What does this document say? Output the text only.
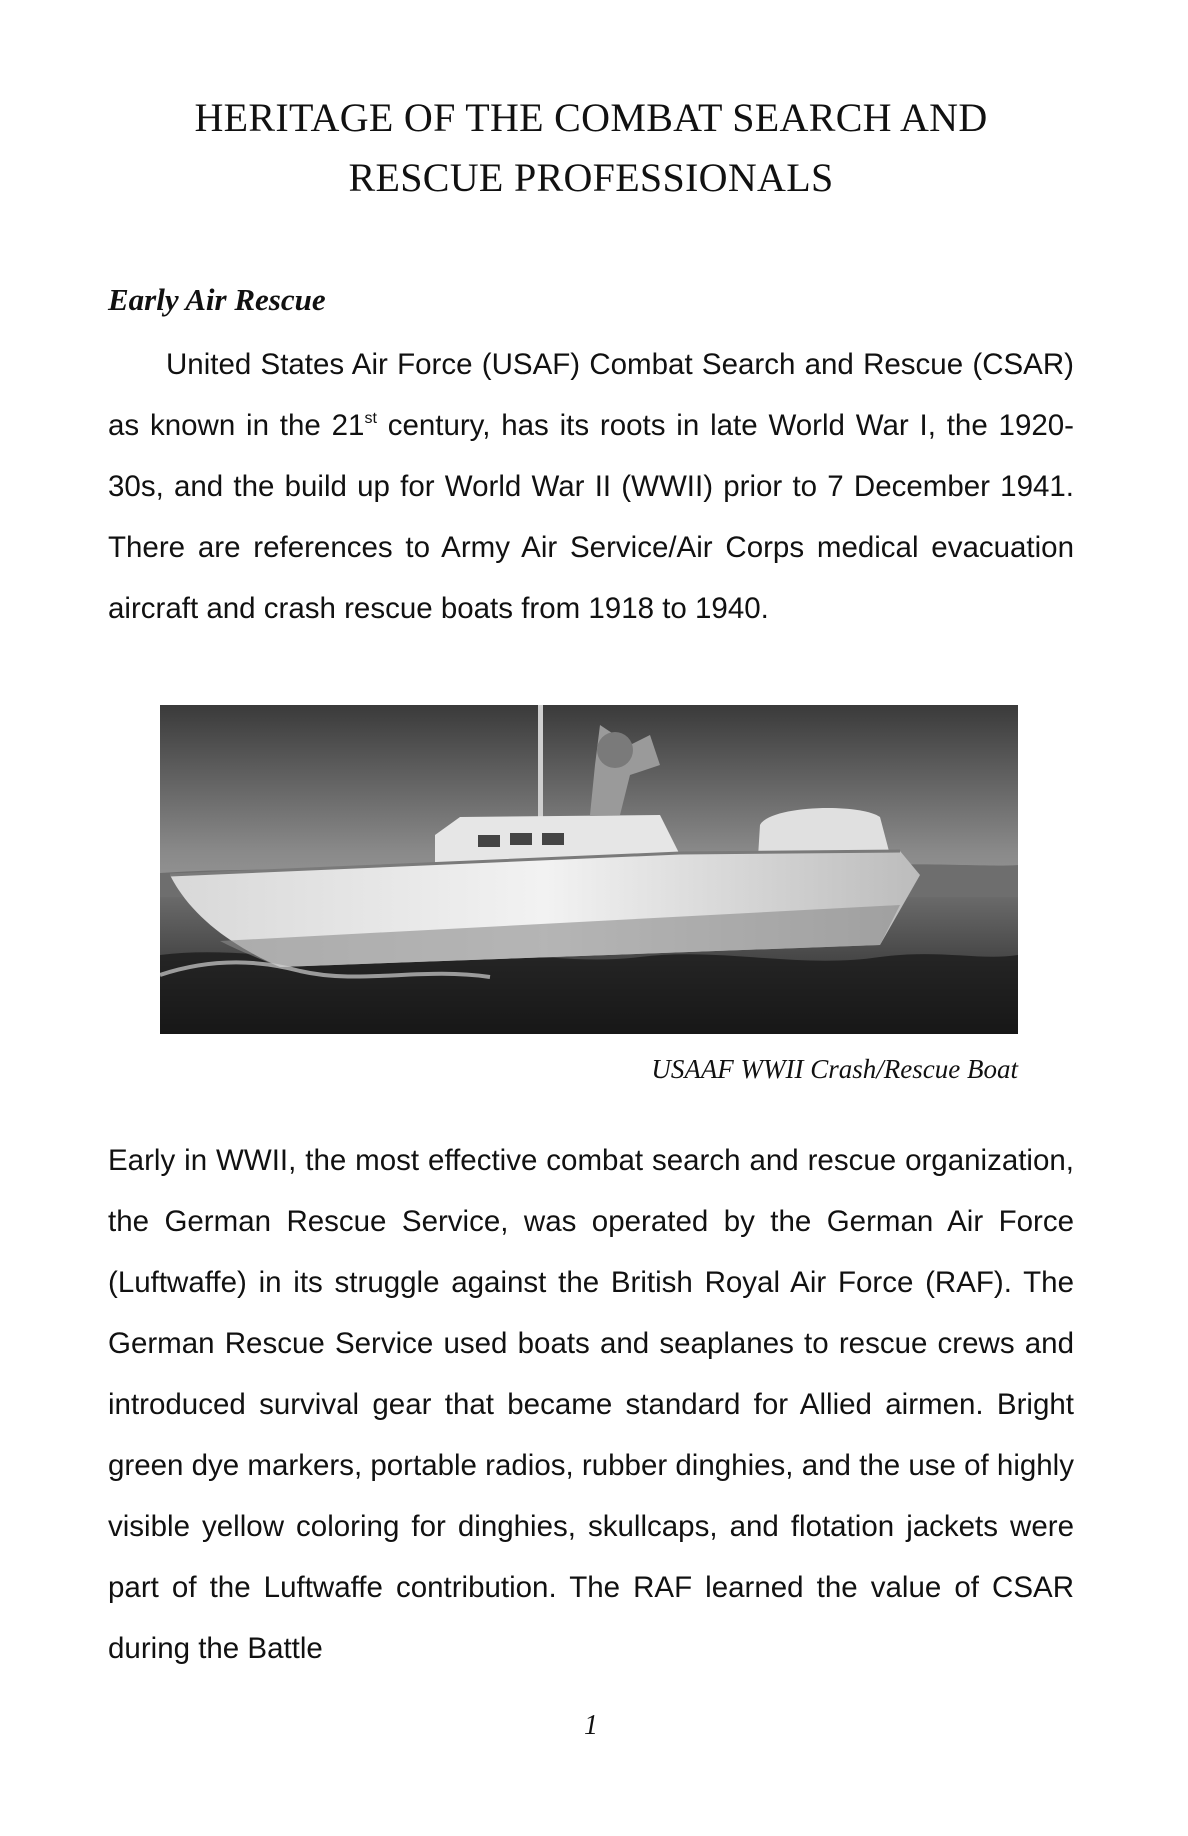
HERITAGE OF THE COMBAT SEARCH AND
RESCUE PROFESSIONALS
Early Air Rescue

United States Air Force (USAF) Combat Search and Rescue (CSAR) as known in the 21st century, has its roots in late World War I, the 1920-30s, and the build up for World War II (WWII) prior to 7 December 1941. There are references to Army Air Service/Air Corps medical evacuation aircraft and crash rescue boats from 1918 to 1940.

USAAF WWII Crash/Rescue Boat

Early in WWII, the most effective combat search and rescue organization, the German Rescue Service, was operated by the German Air Force (Luftwaffe) in its struggle against the British Royal Air Force (RAF). The German Rescue Service used boats and seaplanes to rescue crews and introduced survival gear that became standard for Allied airmen. Bright green dye markers, portable radios, rubber dinghies, and the use of highly visible yellow coloring for dinghies, skullcaps, and flotation jackets were part of the Luftwaffe contribution. The RAF learned the value of CSAR during the Battle

1
